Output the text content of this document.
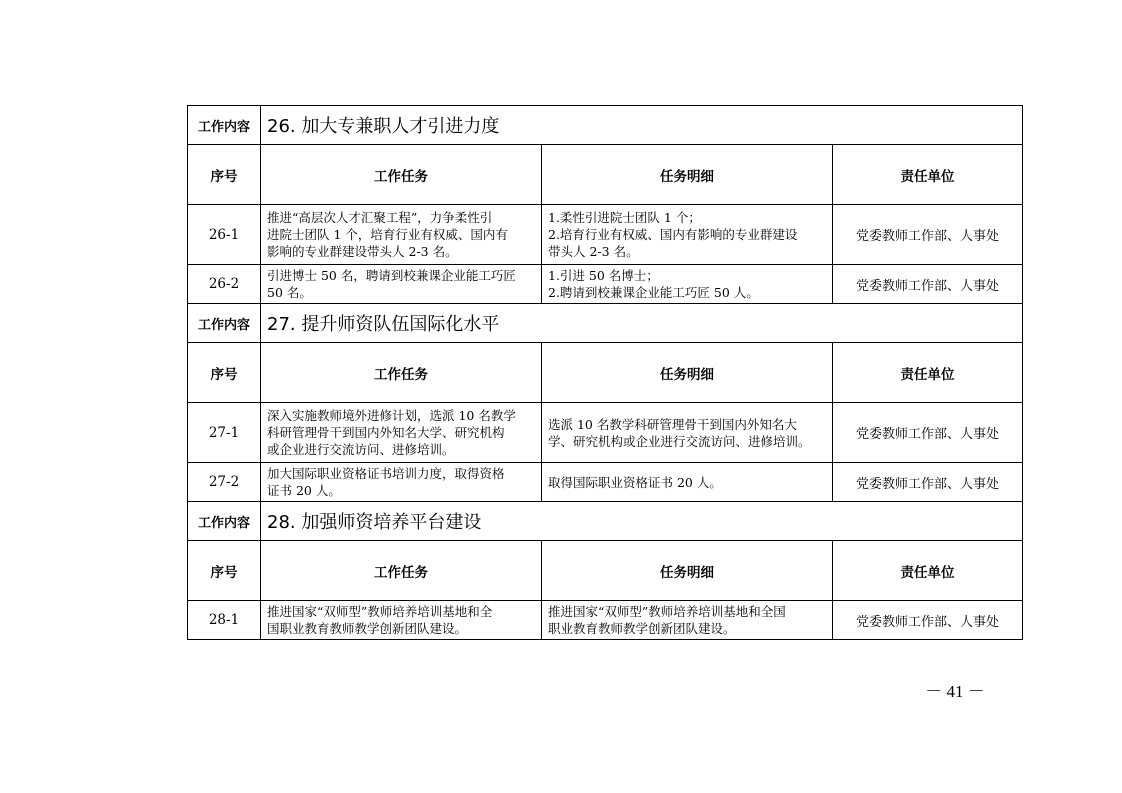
工作内容	26. 加大专兼职人才引进力度		
序号	工作任务	任务明细	责任单位
26-1	推进“高层次人才汇聚工程”，力争柔性引
进院士团队 1 个，培育行业有权威、国内有
影响的专业群建设带头人 2-3 名。	1.柔性引进院士团队 1 个；
2.培育行业有权威、国内有影响的专业群建设
带头人 2-3 名。	党委教师工作部、人事处
26-2	引进博士 50 名，聘请到校兼课企业能工巧匠
50 名。	1.引进 50 名博士；
2.聘请到校兼课企业能工巧匠 50 人。	党委教师工作部、人事处
工作内容	27. 提升师资队伍国际化水平		
序号	工作任务	任务明细	责任单位
27-1	深入实施教师境外进修计划，选派 10 名教学
科研管理骨干到国内外知名大学、研究机构
或企业进行交流访问、进修培训。	选派 10 名教学科研管理骨干到国内外知名大
学、研究机构或企业进行交流访问、进修培训。	党委教师工作部、人事处
27-2	加大国际职业资格证书培训力度，取得资格
证书 20 人。	取得国际职业资格证书 20 人。	党委教师工作部、人事处
工作内容	28. 加强师资培养平台建设		
序号	工作任务	任务明细	责任单位
28-1	推进国家“双师型”教师培养培训基地和全
国职业教育教师教学创新团队建设。	推进国家“双师型”教师培养培训基地和全国
职业教育教师教学创新团队建设。	党委教师工作部、人事处
－ 41 －
